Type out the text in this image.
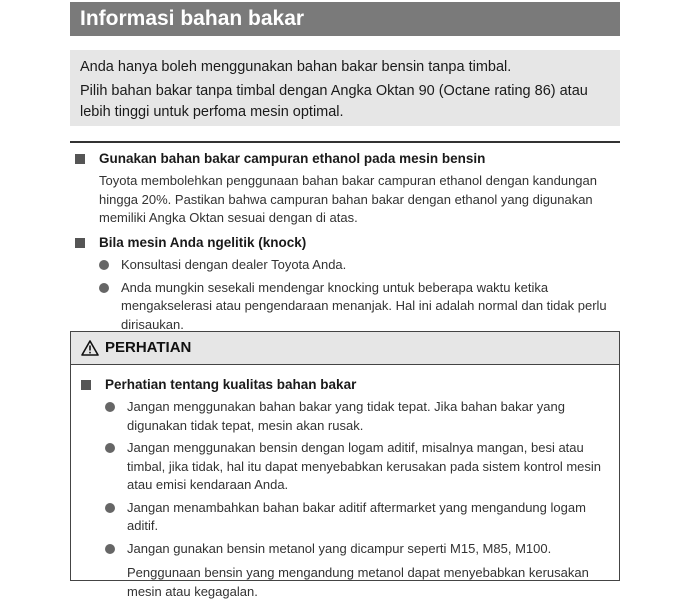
Informasi bahan bakar

Anda hanya boleh menggunakan bahan bakar bensin tanpa timbal.

Pilih bahan bakar tanpa timbal dengan Angka Oktan 90 (Octane rating 86) atau lebih tinggi untuk perfoma mesin optimal.

Gunakan bahan bakar campuran ethanol pada mesin bensin
Toyota membolehkan penggunaan bahan bakar campuran ethanol dengan kandungan hingga 20%. Pastikan bahwa campuran bahan bakar dengan ethanol yang digunakan memiliki Angka Oktan sesuai dengan di atas.
Bila mesin Anda ngelitik (knock)
Konsultasi dengan dealer Toyota Anda.
Anda mungkin sesekali mendengar knocking untuk beberapa waktu ketika mengakselerasi atau pengendaraan menanjak. Hal ini adalah normal dan tidak perlu dirisaukan.
PERHATIAN
Perhatian tentang kualitas bahan bakar
Jangan menggunakan bahan bakar yang tidak tepat. Jika bahan bakar yang digunakan tidak tepat, mesin akan rusak.
Jangan menggunakan bensin dengan logam aditif, misalnya mangan, besi atau timbal, jika tidak, hal itu dapat menyebabkan kerusakan pada sistem kontrol mesin atau emisi kendaraan Anda.
Jangan menambahkan bahan bakar aditif aftermarket yang mengandung logam aditif.
Jangan gunakan bensin metanol yang dicampur seperti M15, M85, M100.
Penggunaan bensin yang mengandung metanol dapat menyebabkan kerusakan mesin atau kegagalan.
